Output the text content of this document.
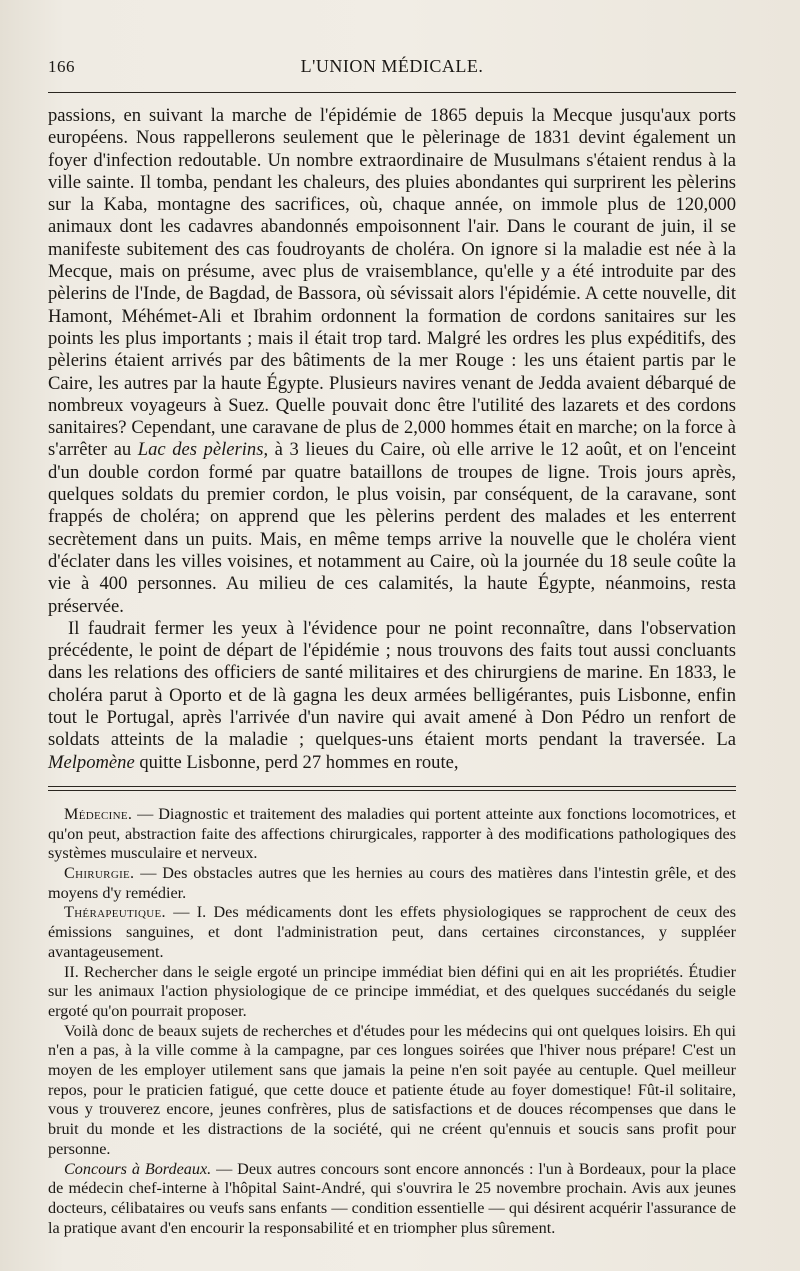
166	L'UNION MÉDICALE.

passions, en suivant la marche de l'épidémie de 1865 depuis la Mecque jusqu'aux ports européens. Nous rappellerons seulement que le pèlerinage de 1831 devint également un foyer d'infection redoutable. Un nombre extraordinaire de Musulmans s'étaient rendus à la ville sainte. Il tomba, pendant les chaleurs, des pluies abondantes qui surprirent les pèlerins sur la Kaba, montagne des sacrifices, où, chaque année, on immole plus de 120,000 animaux dont les cadavres abandonnés empoisonnent l'air. Dans le courant de juin, il se manifeste subitement des cas foudroyants de choléra. On ignore si la maladie est née à la Mecque, mais on présume, avec plus de vraisemblance, qu'elle y a été introduite par des pèlerins de l'Inde, de Bagdad, de Bassora, où sévissait alors l'épidémie. A cette nouvelle, dit Hamont, Méhémet-Ali et Ibrahim ordonnent la formation de cordons sanitaires sur les points les plus importants ; mais il était trop tard. Malgré les ordres les plus expéditifs, des pèlerins étaient arrivés par des bâtiments de la mer Rouge : les uns étaient partis par le Caire, les autres par la haute Égypte. Plusieurs navires venant de Jedda avaient débarqué de nombreux voyageurs à Suez. Quelle pouvait donc être l'utilité des lazarets et des cordons sanitaires? Cependant, une caravane de plus de 2,000 hommes était en marche; on la force à s'arrêter au Lac des pèlerins, à 3 lieues du Caire, où elle arrive le 12 août, et on l'enceint d'un double cordon formé par quatre bataillons de troupes de ligne. Trois jours après, quelques soldats du premier cordon, le plus voisin, par conséquent, de la caravane, sont frappés de choléra; on apprend que les pèlerins perdent des malades et les enterrent secrètement dans un puits. Mais, en même temps arrive la nouvelle que le choléra vient d'éclater dans les villes voisines, et notamment au Caire, où la journée du 18 seule coûte la vie à 400 personnes. Au milieu de ces calamités, la haute Égypte, néanmoins, resta préservée.

Il faudrait fermer les yeux à l'évidence pour ne point reconnaître, dans l'observation précédente, le point de départ de l'épidémie ; nous trouvons des faits tout aussi concluants dans les relations des officiers de santé militaires et des chirurgiens de marine. En 1833, le choléra parut à Oporto et de là gagna les deux armées belligérantes, puis Lisbonne, enfin tout le Portugal, après l'arrivée d'un navire qui avait amené à Don Pédro un renfort de soldats atteints de la maladie ; quelques-uns étaient morts pendant la traversée. La Melpomène quitte Lisbonne, perd 27 hommes en route,

Médecine. — Diagnostic et traitement des maladies qui portent atteinte aux fonctions locomotrices, et qu'on peut, abstraction faite des affections chirurgicales, rapporter à des modifications pathologiques des systèmes musculaire et nerveux.

Chirurgie. — Des obstacles autres que les hernies au cours des matières dans l'intestin grêle, et des moyens d'y remédier.

Thérapeutique. — I. Des médicaments dont les effets physiologiques se rapprochent de ceux des émissions sanguines, et dont l'administration peut, dans certaines circonstances, y suppléer avantageusement.

II. Rechercher dans le seigle ergoté un principe immédiat bien défini qui en ait les propriétés. Étudier sur les animaux l'action physiologique de ce principe immédiat, et des quelques succédanés du seigle ergoté qu'on pourrait proposer.

Voilà donc de beaux sujets de recherches et d'études pour les médecins qui ont quelques loisirs. Eh qui n'en a pas, à la ville comme à la campagne, par ces longues soirées que l'hiver nous prépare! C'est un moyen de les employer utilement sans que jamais la peine n'en soit payée au centuple. Quel meilleur repos, pour le praticien fatigué, que cette douce et patiente étude au foyer domestique! Fût-il solitaire, vous y trouverez encore, jeunes confrères, plus de satisfactions et de douces récompenses que dans le bruit du monde et les distractions de la société, qui ne créent qu'ennuis et soucis sans profit pour personne.

Concours à Bordeaux. — Deux autres concours sont encore annoncés : l'un à Bordeaux, pour la place de médecin chef-interne à l'hôpital Saint-André, qui s'ouvrira le 25 novembre prochain. Avis aux jeunes docteurs, célibataires ou veufs sans enfants — condition essentielle — qui désirent acquérir l'assurance de la pratique avant d'en encourir la responsabilité et en triompher plus sûrement.
